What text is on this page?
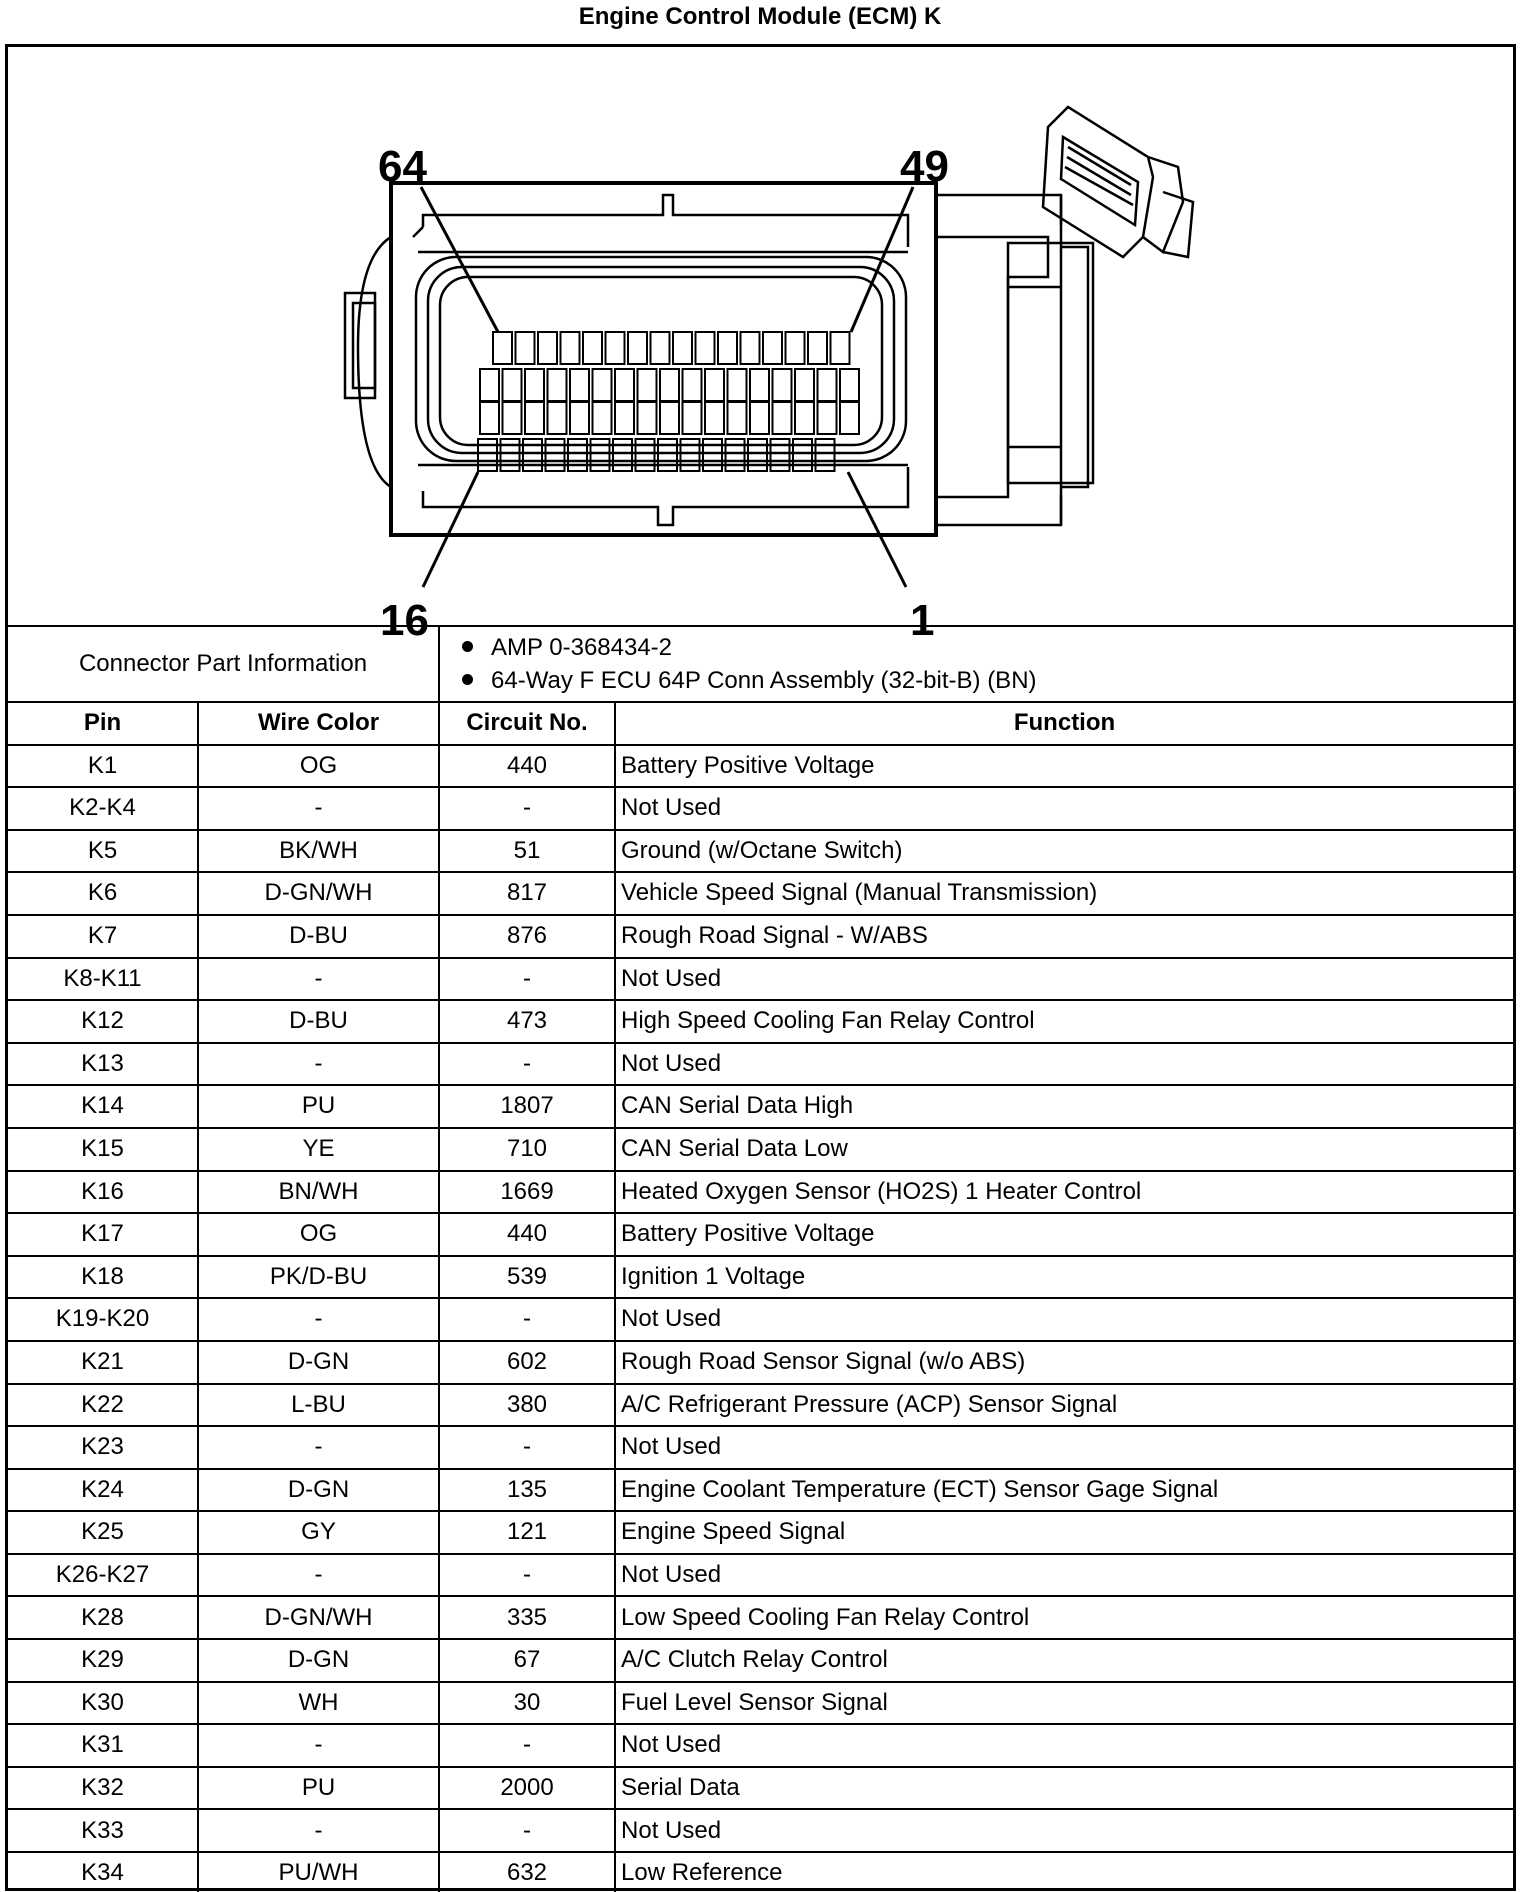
Engine Control Module (ECM) K
64	49
16	1
Connector Part Information		AMP 0-368434-2
64-Way F ECU 64P Conn Assembly (32-bit-B) (BN)	

Pin	Wire Color	Circuit No.	Function
K1	OG	440	Battery Positive Voltage
K2-K4	-	-	Not Used
K5	BK/WH	51	Ground (w/Octane Switch)
K6	D-GN/WH	817	Vehicle Speed Signal (Manual Transmission)
K7	D-BU	876	Rough Road Signal - W/ABS
K8-K11	-	-	Not Used
K12	D-BU	473	High Speed Cooling Fan Relay Control
K13	-	-	Not Used
K14	PU	1807	CAN Serial Data High
K15	YE	710	CAN Serial Data Low
K16	BN/WH	1669	Heated Oxygen Sensor (HO2S) 1 Heater Control
K17	OG	440	Battery Positive Voltage
K18	PK/D-BU	539	Ignition 1 Voltage
K19-K20	-	-	Not Used
K21	D-GN	602	Rough Road Sensor Signal (w/o ABS)
K22	L-BU	380	A/C Refrigerant Pressure (ACP) Sensor Signal
K23	-	-	Not Used
K24	D-GN	135	Engine Coolant Temperature (ECT) Sensor Gage Signal
K25	GY	121	Engine Speed Signal
K26-K27	-	-	Not Used
K28	D-GN/WH	335	Low Speed Cooling Fan Relay Control
K29	D-GN	67	A/C Clutch Relay Control
K30	WH	30	Fuel Level Sensor Signal
K31	-	-	Not Used
K32	PU	2000	Serial Data
K33	-	-	Not Used
K34	PU/WH	632	Low Reference
